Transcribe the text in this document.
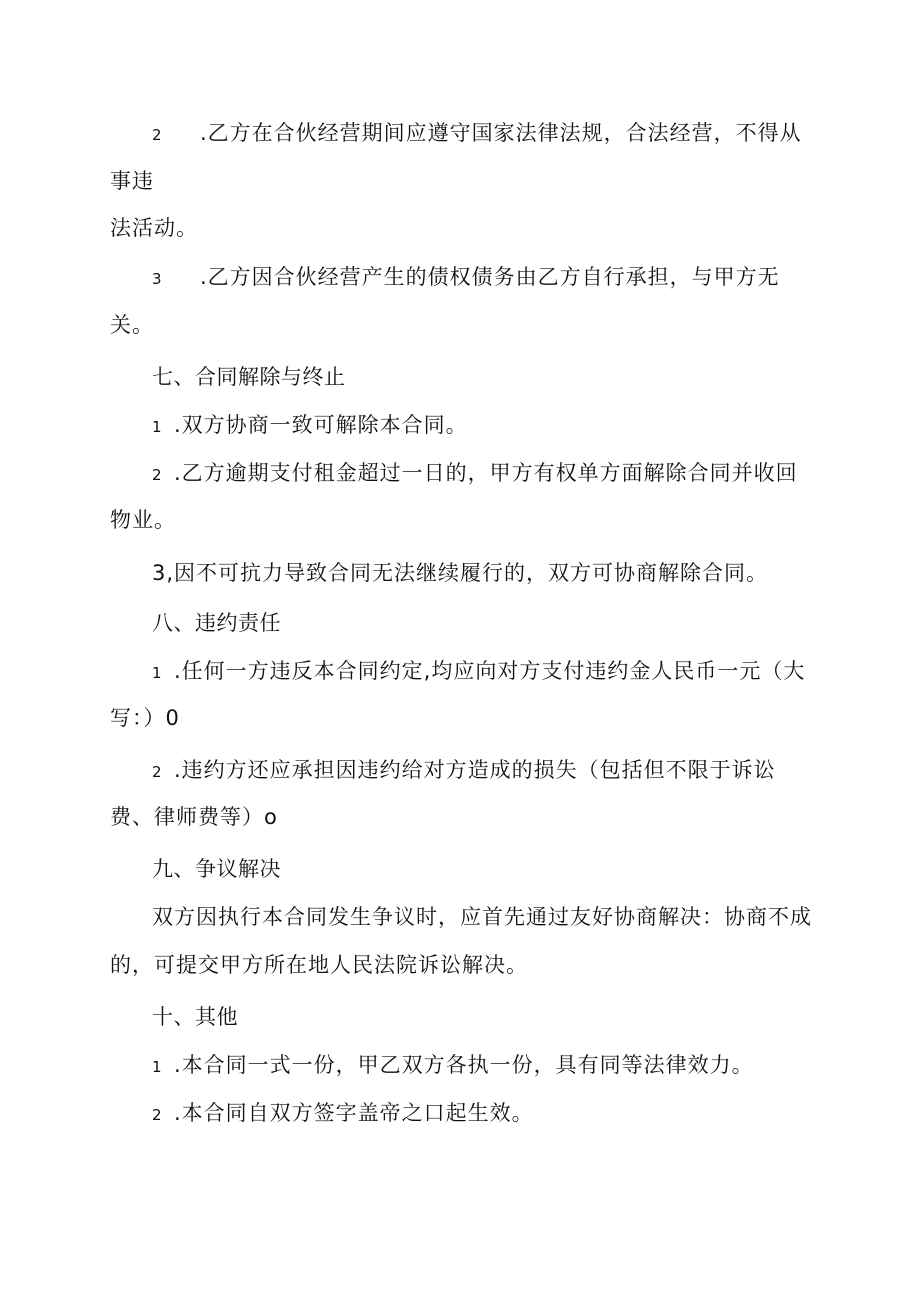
2 .乙方在合伙经营期间应遵守国家法律法规，合法经营，不得从
事违
法活动。
3 .乙方因合伙经营产生的债权债务由乙方自行承担，与甲方无
关。
七、合同解除与终止
1 .双方协商一致可解除本合同。
2 .乙方逾期支付租金超过一日的，甲方有权单方面解除合同并收回
物业。
3,因不可抗力导致合同无法继续履行的，双方可协商解除合同。
八、违约责任
1 .任何一方违反本合同约定,均应向对方支付违约金人民币一元（大
写：）0
2 .违约方还应承担因违约给对方造成的损失（包括但不限于诉讼
费、律师费等）o
九、争议解决
双方因执行本合同发生争议时，应首先通过友好协商解决：协商不成
的，可提交甲方所在地人民法院诉讼解决。
十、其他
1 .本合同一式一份，甲乙双方各执一份，具有同等法律效力。
2 .本合同自双方签字盖帝之口起生效。
